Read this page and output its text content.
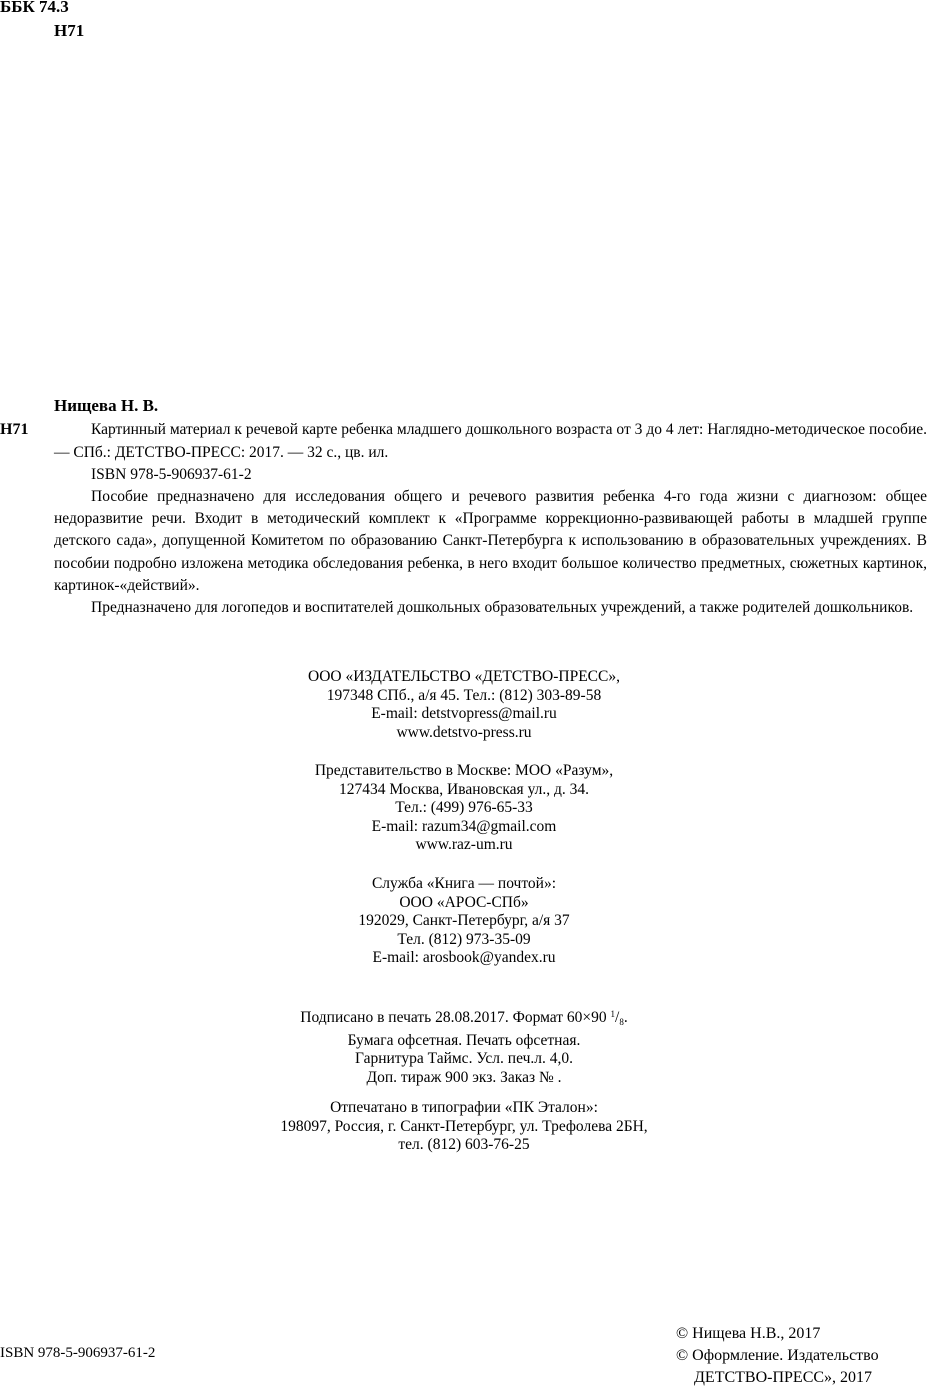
ББК 74.3
Н71
Нищева Н. В.
Н71	Картинный материал к речевой карте ребенка младшего дошкольного возраста от 3 до 4 лет: Наглядно-методическое пособие. — СПб.: ДЕТСТВО-ПРЕСС: 2017. — 32 с., цв. ил.

ISBN 978-5-906937-61-2

Пособие предназначено для исследования общего и речевого развития ребенка 4-го года жизни с диагнозом: общее недоразвитие речи. Входит в методический комплект к «Программе коррекционно-развивающей работы в младшей группе детского сада», допущенной Комитетом по образованию Санкт-Петербурга к использованию в образовательных учреждениях. В пособии подробно изложена методика обследования ребенка, в него входит большое количество предметных, сюжетных картинок, картинок-«действий».

Предназначено для логопедов и воспитателей дошкольных образовательных учреждений, а также родителей дошкольников.

ООО «ИЗДАТЕЛЬСТВО «ДЕТСТВО-ПРЕСС»,
197348 СПб., а/я 45. Тел.: (812) 303-89-58
E-mail: detstvopress@mail.ru
www.detstvo-press.ru
Представительство в Москве: МОО «Разум»,
127434 Москва, Ивановская ул., д. 34.
Тел.: (499) 976-65-33
E-mail: razum34@gmail.com
www.raz-um.ru
Служба «Книга — почтой»:
ООО «АРОС-СПб»
192029, Санкт-Петербург, а/я 37
Тел. (812) 973-35-09
E-mail: arosbook@yandex.ru
Подписано в печать 28.08.2017. Формат 60×90 $^1/_8$.
Бумага офсетная. Печать офсетная.
Гарнитура Таймс. Усл. печ.л. 4,0.
Доп. тираж 900 экз. Заказ № .
Отпечатано в типографии «ПК Эталон»:
198097, Россия, г. Санкт-Петербург, ул. Трефолева 2БН,
тел. (812) 603-76-25
ISBN 978-5-906937-61-2
© Нищева Н.В., 2017
© Оформление. Издательство
ДЕТСТВО-ПРЕСС», 2017
